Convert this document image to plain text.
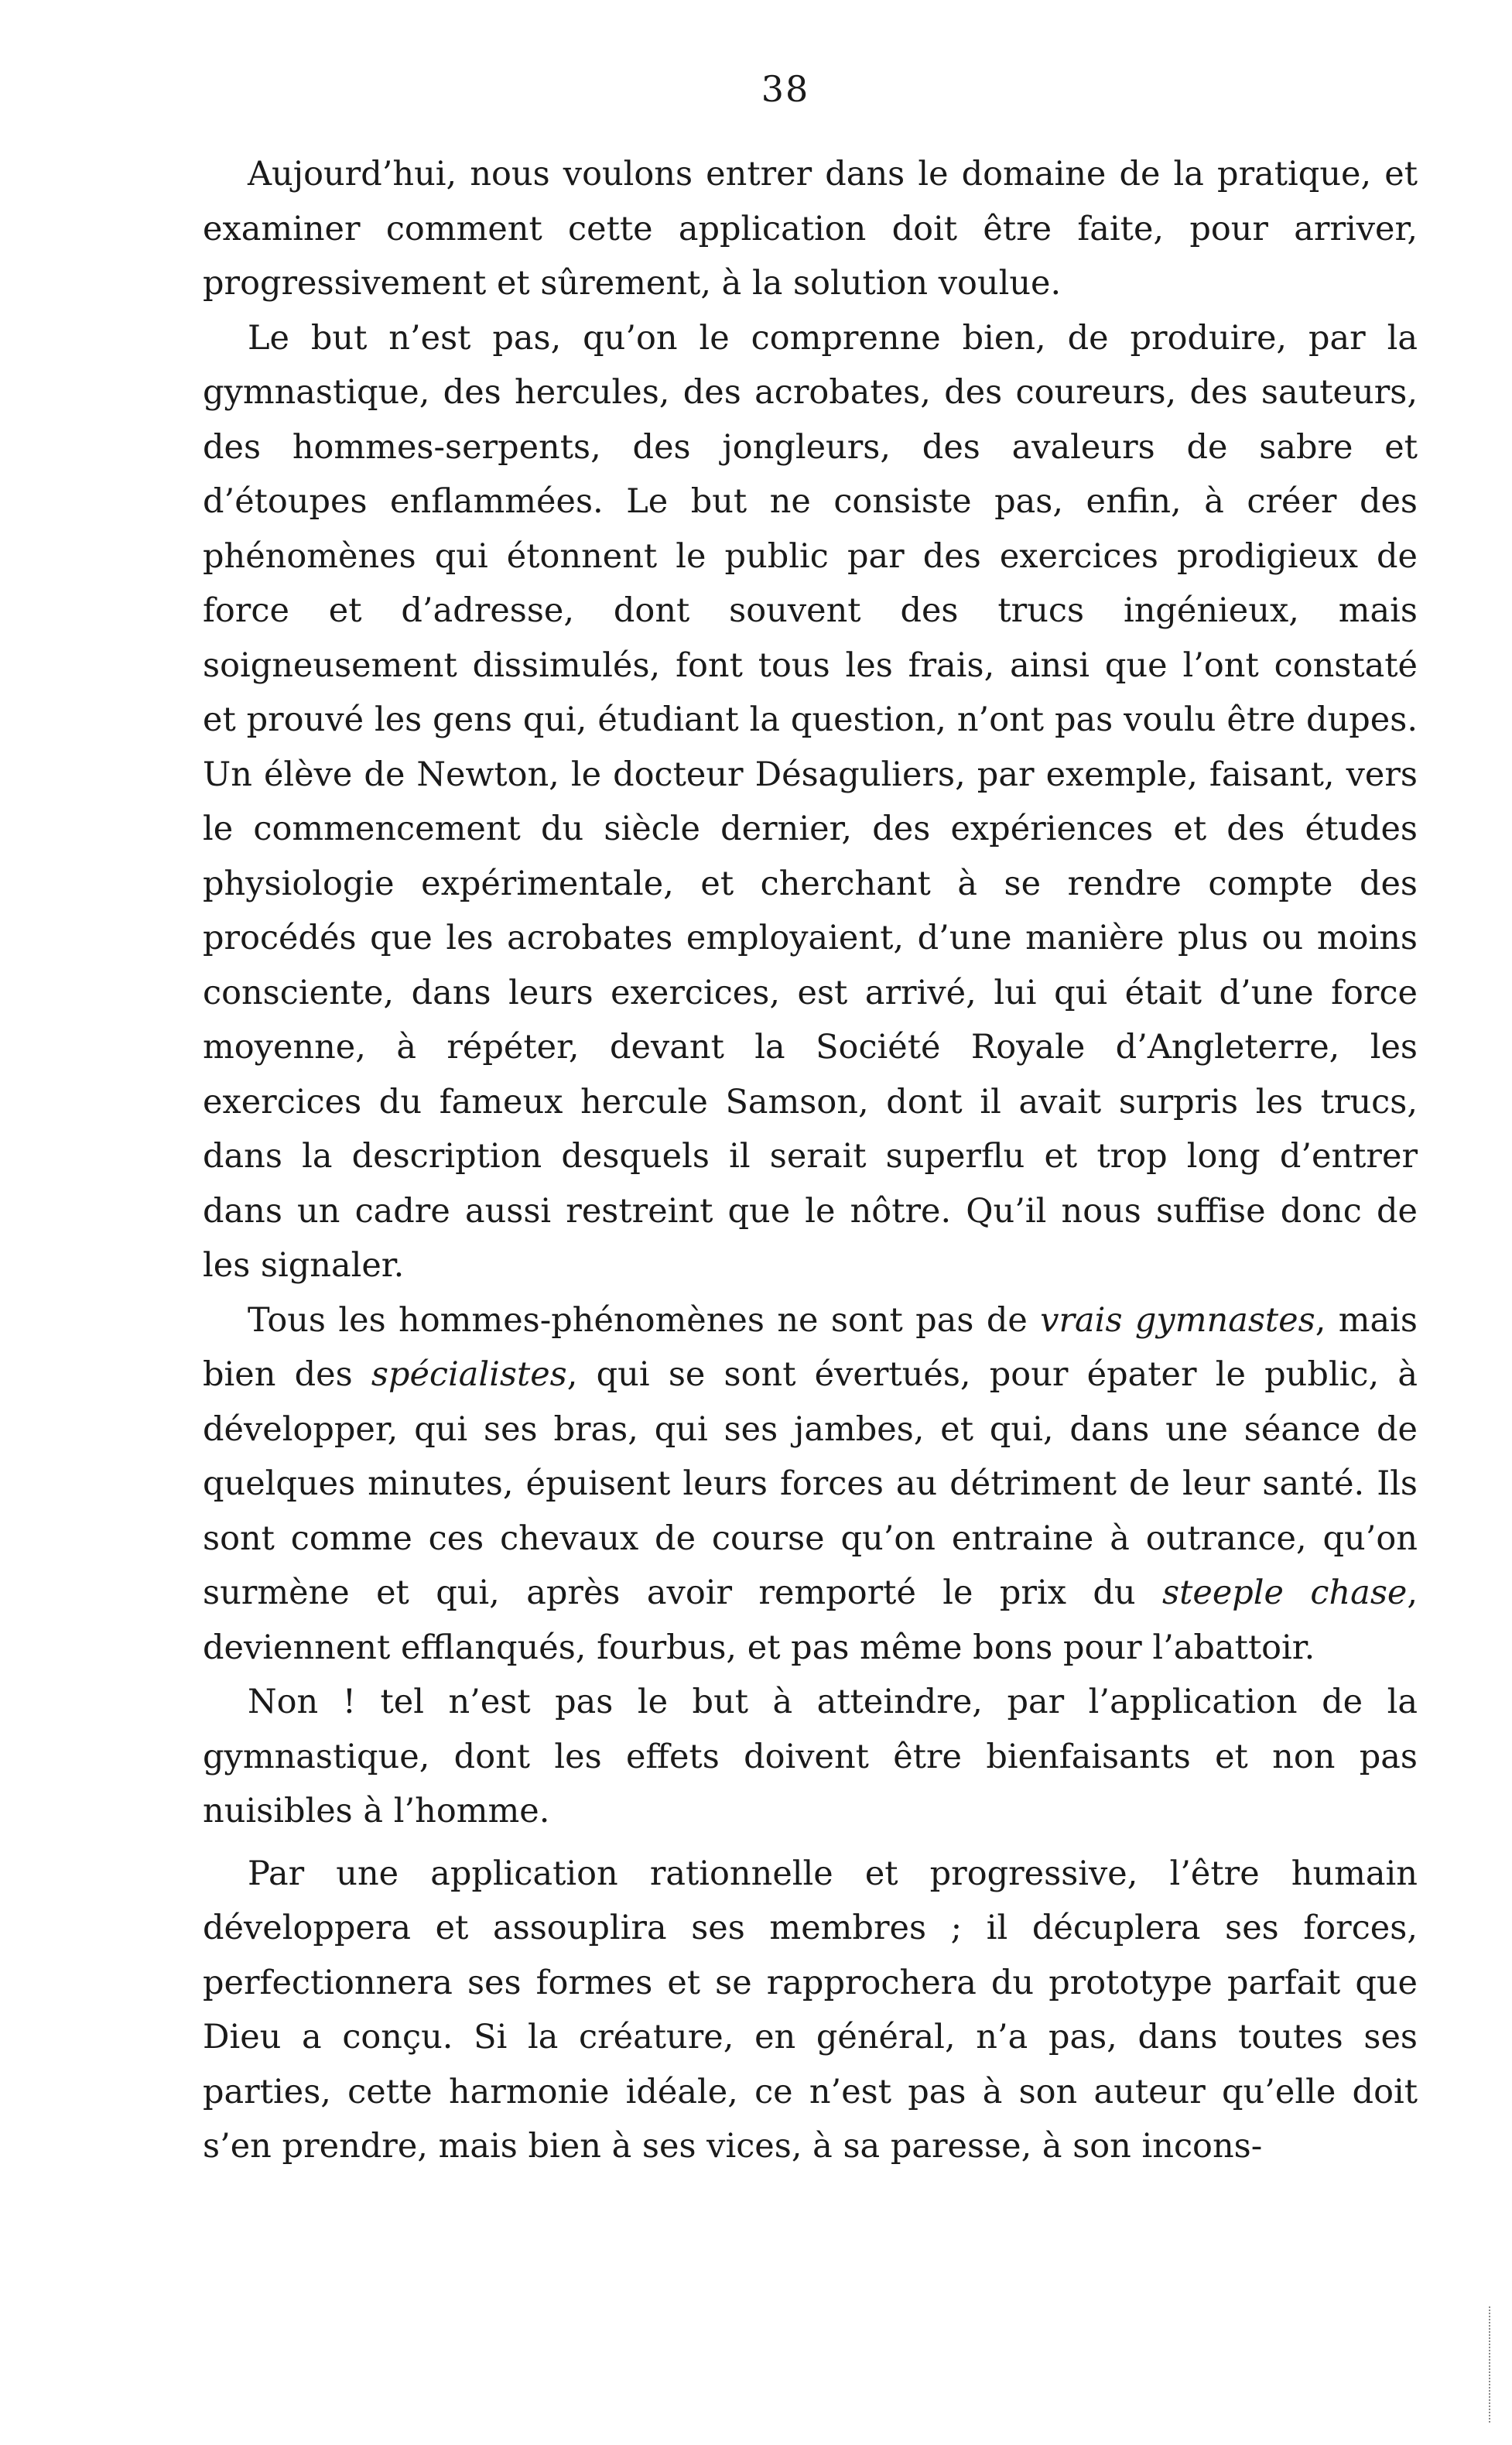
38

Aujourd’hui, nous voulons entrer dans le domaine de la pratique, et examiner comment cette application doit être faite, pour arriver, progressivement et sûrement, à la solution voulue.

Le but n’est pas, qu’on le comprenne bien, de produire, par la gymnastique, des hercules, des acrobates, des coureurs, des sauteurs, des hommes-serpents, des jongleurs, des avaleurs de sabre et d’étoupes enflammées. Le but ne consiste pas, enfin, à créer des phénomènes qui étonnent le public par des exercices prodigieux de force et d’adresse, dont souvent des trucs ingénieux, mais soigneusement dissimulés, font tous les frais, ainsi que l’ont constaté et prouvé les gens qui, étudiant la question, n’ont pas voulu être dupes. Un élève de Newton, le docteur Désaguliers, par exemple, faisant, vers le commencement du siècle dernier, des expériences et des études physiologie expérimentale, et cherchant à se rendre compte des procédés que les acrobates employaient, d’une manière plus ou moins consciente, dans leurs exercices, est arrivé, lui qui était d’une force moyenne, à répéter, devant la Société Royale d’Angleterre, les exercices du fameux hercule Samson, dont il avait surpris les trucs, dans la description desquels il serait superflu et trop long d’entrer dans un cadre aussi restreint que le nôtre. Qu’il nous suffise donc de les signaler.

Tous les hommes-phénomènes ne sont pas de vrais gymnastes, mais bien des spécialistes, qui se sont évertués, pour épater le public, à développer, qui ses bras, qui ses jambes, et qui, dans une séance de quelques minutes, épuisent leurs forces au détriment de leur santé. Ils sont comme ces chevaux de course qu’on entraine à outrance, qu’on surmène et qui, après avoir remporté le prix du steeple chase, deviennent efflanqués, fourbus, et pas même bons pour l’abattoir.

Non ! tel n’est pas le but à atteindre, par l’application de la gymnastique, dont les effets doivent être bienfaisants et non pas nuisibles à l’homme.

Par une application rationnelle et progressive, l’être humain développera et assouplira ses membres ; il décuplera ses forces, perfectionnera ses formes et se rapprochera du prototype parfait que Dieu a conçu. Si la créature, en général, n’a pas, dans toutes ses parties, cette harmonie idéale, ce n’est pas à son auteur qu’elle doit s’en prendre, mais bien à ses vices, à sa paresse, à son incons-
